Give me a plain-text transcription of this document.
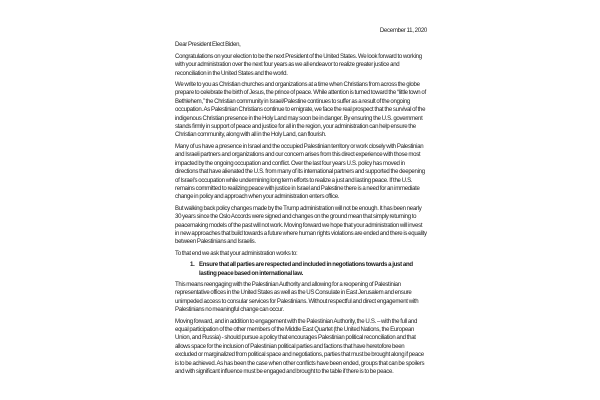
December 11, 2020

Dear President Elect Biden,

Congratulations on your election to be the next President of the United States. We look forward to working with your administration over the next four years as we all endeavor to realize greater justice and reconciliation in the United States and the world.

We write to you as Christian churches and organizations at a time when Christians from across the globe prepare to celebrate the birth of Jesus, the prince of peace. While attention is turned toward the “little town of Bethlehem,” the Christian community in Israel/Palestine continues to suffer as a result of the ongoing occupation. As Palestinian Christians continue to emigrate, we face the real prospect that the survival of the indigenous Christian presence in the Holy Land may soon be in danger. By ensuring the U.S. government stands firmly in support of peace and justice for all in the region, your administration can help ensure the Christian community, along with all in the Holy Land, can flourish.

Many of us have a presence in Israel and the occupied Palestinian territory or work closely with Palestinian and Israeli partners and organizations and our concern arises from this direct experience with those most impacted by the ongoing occupation and conflict. Over the last four years U.S. policy has moved in directions that have alienated the U.S. from many of its international partners and supported the deepening of Israel’s occupation while undermining long term efforts to realize a just and lasting peace. If the U.S. remains committed to realizing peace with justice in Israel and Palestine there is a need for an immediate change in policy and approach when your administration enters office.

But walking back policy changes made by the Trump administration will not be enough. It has been nearly 30 years since the Oslo Accords were signed and changes on the ground mean that simply returning to peacemaking models of the past will not work. Moving forward we hope that your administration will invest in new approaches that build towards a future where human rights violations are ended and there is equality between Palestinians and Israelis.

To that end we ask that your administration works to:

1. Ensure that all parties are respected and included in negotiations towards a just and lasting peace based on international law.

This means reengaging with the Palestinian Authority and allowing for a reopening of Palestinian representative offices in the United States as well as the US Consulate in East Jerusalem and ensure unimpeded access to consular services for Palestinians. Without respectful and direct engagement with Palestinians no meaningful change can occur.

Moving forward, and in addition to engagement with the Palestinian Authority, the U.S. – with the full and equal participation of the other members of the Middle East Quartet (the United Nations, the European Union, and Russia) - should pursue a policy that encourages Palestinian political reconciliation and that allows space for the inclusion of Palestinian political parties and factions that have heretofore been excluded or marginalized from political space and negotiations, parties that must be brought along if peace is to be achieved. As has been the case when other conflicts have been ended, groups that can be spoilers and with significant influence must be engaged and brought to the table if there is to be peace.
